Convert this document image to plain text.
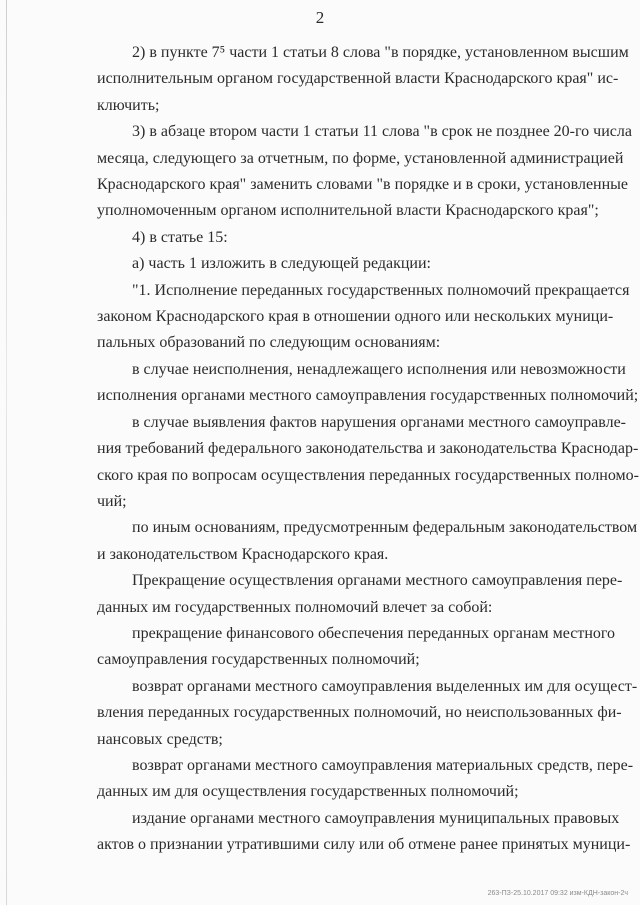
2
2) в пункте 7⁵ части 1 статьи 8 слова "в порядке, установленном высшим
исполнительным органом государственной власти Краснодарского края" ис-
ключить;
3) в абзаце втором части 1 статьи 11 слова "в срок не позднее 20-го числа
месяца, следующего за отчетным, по форме, установленной администрацией
Краснодарского края" заменить словами "в порядке и в сроки, установленные
уполномоченным органом исполнительной власти Краснодарского края";
4) в статье 15:
а) часть 1 изложить в следующей редакции:
"1. Исполнение переданных государственных полномочий прекращается
законом Краснодарского края в отношении одного или нескольких муници-
пальных образований по следующим основаниям:
в случае неисполнения, ненадлежащего исполнения или невозможности
исполнения органами местного самоуправления государственных полномочий;
в случае выявления фактов нарушения органами местного самоуправле-
ния требований федерального законодательства и законодательства Краснодар-
ского края по вопросам осуществления переданных государственных полномо-
чий;
по иным основаниям, предусмотренным федеральным законодательством
и законодательством Краснодарского края.
Прекращение осуществления органами местного самоуправления пере-
данных им государственных полномочий влечет за собой:
прекращение финансового обеспечения переданных органам местного
самоуправления государственных полномочий;
возврат органами местного самоуправления выделенных им для осущест-
вления переданных государственных полномочий, но неиспользованных фи-
нансовых средств;
возврат органами местного самоуправления материальных средств, пере-
данных им для осуществления государственных полномочий;
издание органами местного самоуправления муниципальных правовых
актов о признании утратившими силу или об отмене ранее принятых муници-
263-ПЗ-25.10.2017 09:32 изм-КДН-закон-2ч
